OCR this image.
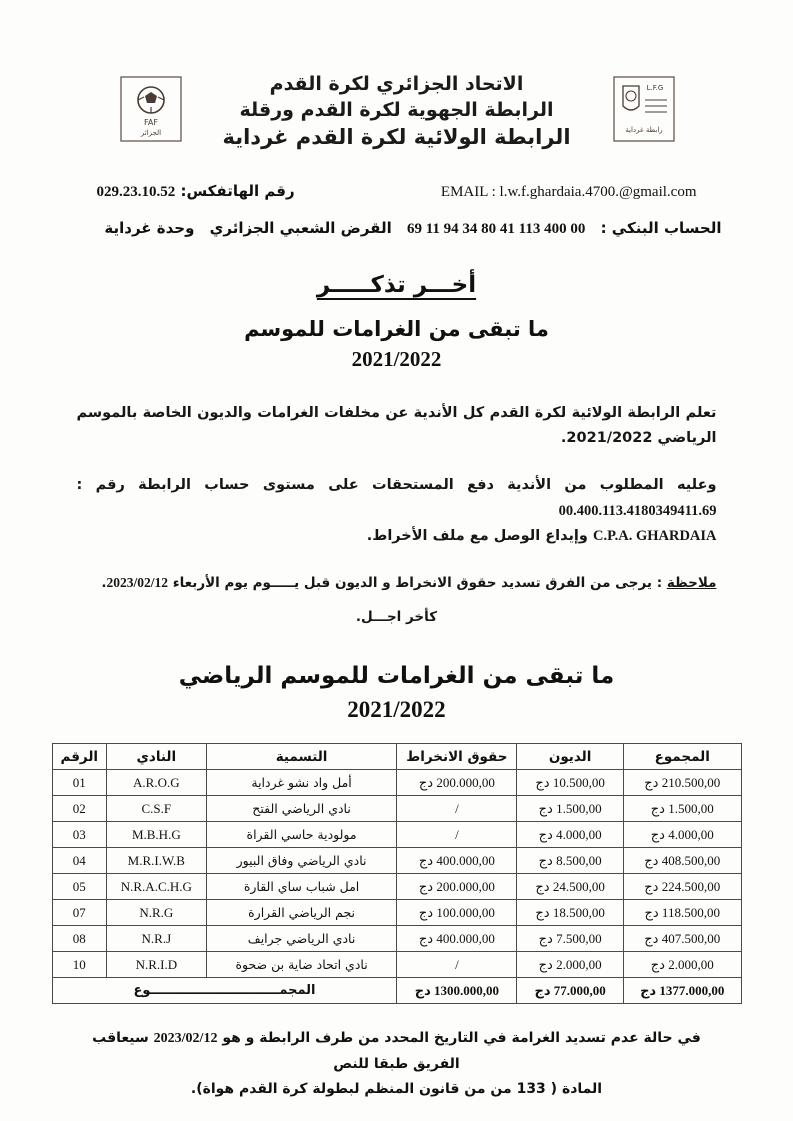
FAF
الجزائر
L.F.G
رابطة غرداية
الاتحاد الجزائري لكرة القدم
الرابطة الجهوية لكرة القدم ورقلة
الرابطة الولائية لكرة القدم غرداية
EMAIL : l.w.f.ghardaia.4700.@gmail.com
رقم الهاتفكس: 029.23.10.52
الحساب البنكي : 69 11 94 34 80 41 113 400 00 القرض الشعبي الجزائري وحدة غرداية
أخـــر تذكـــــر
ما تبقى من الغرامات للموسم
2021/2022
تعلم الرابطة الولائية لكرة القدم كل الأندية عن مخلفات الغرامات والديون الخاصة بالموسم الرياضي 2021/2022.
وعليه المطلوب من الأندية دفع المستحقات على مستوى حساب الرابطة رقم : 00.400.113.4180349411.69
C.P.A. GHARDAIA وإيداع الوصل مع ملف الأخراط.
ملاحظة : يرجى من الفرق تسديد حقوق الانخراط و الديون قبل يـــــوم يوم الأربعاء 2023/02/12.
كأخر اجـــل.
ما تبقى من الغرامات للموسم الرياضي
2021/2022
المجموع	الديون	حقوق الانخراط	التسمية	النادي	الرقم
210.500,00 دج	10.500,00 دج	200.000,00 دج	أمل واد نشو غرداية	A.R.O.G	01
1.500,00 دج	1.500,00 دج	/	نادي الرياضي الفتح	C.S.F	02
4.000,00 دج	4.000,00 دج	/	مولودية حاسي القراة	M.B.H.G	03
408.500,00 دج	8.500,00 دج	400.000,00 دج	نادي الرياضي وفاق البيور	M.R.I.W.B	04
224.500,00 دج	24.500,00 دج	200.000,00 دج	امل شباب ساي القارة	N.R.A.C.H.G	05
118.500,00 دج	18.500,00 دج	100.000,00 دج	نجم الرياضي القرارة	N.R.G	07
407.500,00 دج	7.500,00 دج	400.000,00 دج	نادي الرياضي جرايف	N.R.J	08
2.000,00 دج	2.000,00 دج	/	نادي اتحاد ضاية بن ضحوة	N.R.I.D	10
1377.000,00 دج	77.000,00 دج	1300.000,00 دج	المجمـــــــــــــــــــــــــــــوع		
في حالة عدم تسديد الغرامة في التاريخ المحدد من طرف الرابطة و هو 2023/02/12 سيعاقب الفريق طبقا للنص
المادة ( 133 من من قانون المنظم لبطولة كرة القدم هواة).
